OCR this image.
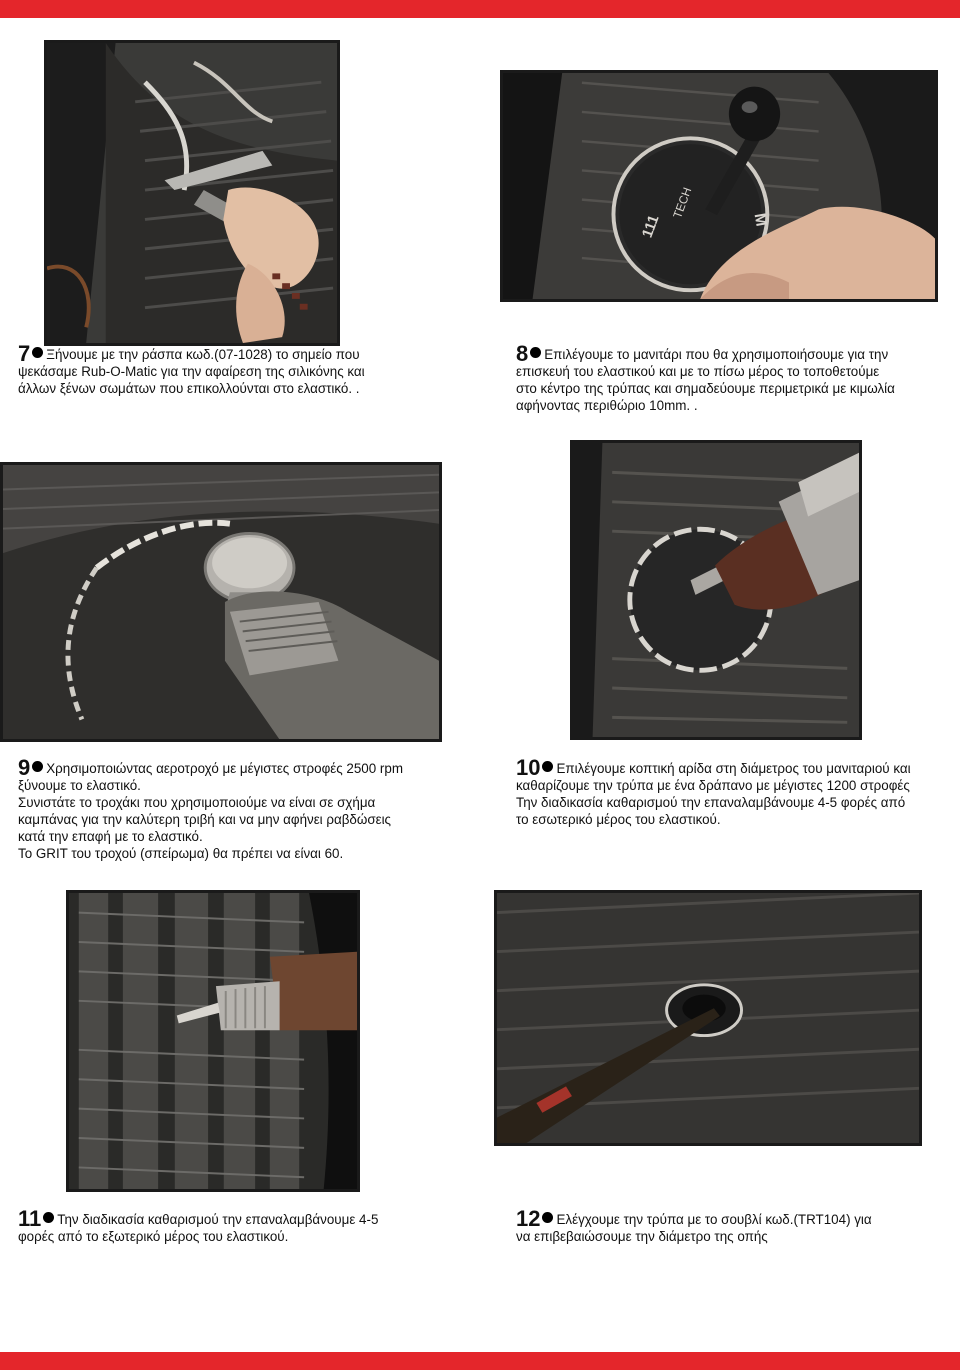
111
TECH	M

7 Ξήνουμε με την ράσπα κωδ.(07-1028) το σημείο που

ψεκάσαμε Rub-O-Matic για την αφαίρεση της σιλικόνης και

άλλων ξένων σωμάτων που επικολλούνται στο ελαστικό. .

8 Επιλέγουμε το μανιτάρι που θα χρησιμοποιήσουμε για την

επισκευή του ελαστικού και με το πίσω μέρος το τοποθετούμε

στο κέντρο της τρύπας και σημαδεύουμε περιμετρικά με κιμωλία

αφήνοντας περιθώριο 10mm. .

9 Χρησιμοποιώντας αεροτροχό με μέγιστες στροφές 2500 rpm

ξύνουμε το ελαστικό.

Συνιστάτε το τροχάκι που χρησιμοποιούμε να είναι σε σχήμα

καμπάνας για την καλύτερη τριβή και να μην αφήνει ραβδώσεις

κατά την επαφή με το ελαστικό.

Το GRIT του τροχού (σπείρωμα) θα πρέπει να είναι 60.

10 Επιλέγουμε κοπτική αρίδα στη διάμετρος του μανιταριού και

καθαρίζουμε την τρύπα με ένα δράπανο με μέγιστες 1200 στροφές

Την διαδικασία καθαρισμού την επαναλαμβάνουμε 4-5 φορές από

το εσωτερικό μέρος του ελαστικού.

11 Την διαδικασία καθαρισμού την επαναλαμβάνουμε 4-5

φορές από το εξωτερικό μέρος του ελαστικού.

12 Ελέγχουμε την τρύπα με το σουβλί κωδ.(TRT104) για

να επιβεβαιώσουμε την διάμετρο της οπής
